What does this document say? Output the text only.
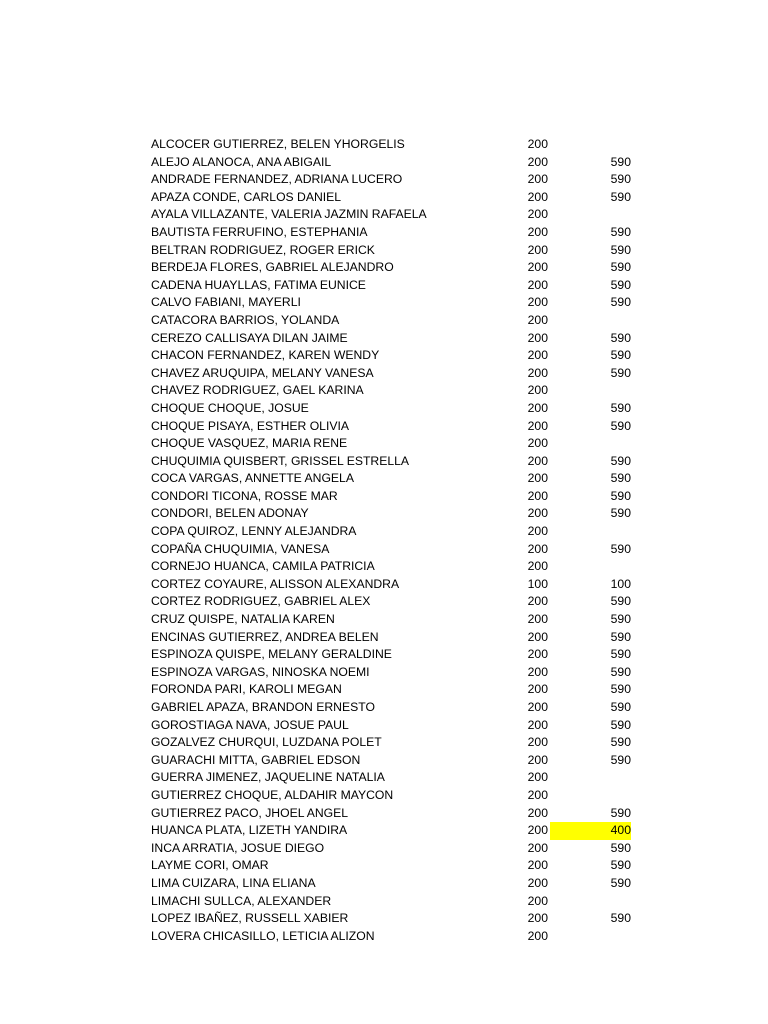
ALCOCER GUTIERREZ, BELEN YHORGELIS	200
ALEJO ALANOCA, ANA ABIGAIL	200	590
ANDRADE FERNANDEZ, ADRIANA LUCERO	200	590
APAZA CONDE, CARLOS DANIEL	200	590
AYALA VILLAZANTE, VALERIA JAZMIN RAFAELA	200
BAUTISTA FERRUFINO, ESTEPHANIA	200	590
BELTRAN RODRIGUEZ, ROGER ERICK	200	590
BERDEJA FLORES, GABRIEL ALEJANDRO	200	590
CADENA HUAYLLAS, FATIMA EUNICE	200	590
CALVO FABIANI, MAYERLI	200	590
CATACORA BARRIOS, YOLANDA	200
CEREZO CALLISAYA DILAN JAIME	200	590
CHACON FERNANDEZ, KAREN WENDY	200	590
CHAVEZ ARUQUIPA, MELANY VANESA	200	590
CHAVEZ RODRIGUEZ, GAEL KARINA	200
CHOQUE CHOQUE, JOSUE	200	590
CHOQUE PISAYA, ESTHER OLIVIA	200	590
CHOQUE VASQUEZ, MARIA RENE	200
CHUQUIMIA QUISBERT, GRISSEL ESTRELLA	200	590
COCA VARGAS, ANNETTE ANGELA	200	590
CONDORI TICONA, ROSSE MAR	200	590
CONDORI, BELEN ADONAY	200	590
COPA QUIROZ, LENNY ALEJANDRA	200
COPAÑA CHUQUIMIA, VANESA	200	590
CORNEJO HUANCA, CAMILA PATRICIA	200
CORTEZ COYAURE, ALISSON ALEXANDRA	100	100
CORTEZ RODRIGUEZ, GABRIEL ALEX	200	590
CRUZ QUISPE, NATALIA KAREN	200	590
ENCINAS GUTIERREZ, ANDREA BELEN	200	590
ESPINOZA QUISPE, MELANY GERALDINE	200	590
ESPINOZA VARGAS, NINOSKA NOEMI	200	590
FORONDA PARI, KAROLI MEGAN	200	590
GABRIEL APAZA, BRANDON ERNESTO	200	590
GOROSTIAGA NAVA, JOSUE PAUL	200	590
GOZALVEZ CHURQUI, LUZDANA POLET	200	590
GUARACHI MITTA, GABRIEL EDSON	200	590
GUERRA JIMENEZ, JAQUELINE NATALIA	200
GUTIERREZ CHOQUE, ALDAHIR MAYCON	200
GUTIERREZ PACO, JHOEL ANGEL	200	590
HUANCA PLATA, LIZETH YANDIRA	200	400
INCA ARRATIA, JOSUE DIEGO	200	590
LAYME CORI, OMAR	200	590
LIMA CUIZARA, LINA ELIANA	200	590
LIMACHI SULLCA, ALEXANDER	200
LOPEZ IBAÑEZ, RUSSELL XABIER	200	590
LOVERA CHICASILLO, LETICIA ALIZON	200
